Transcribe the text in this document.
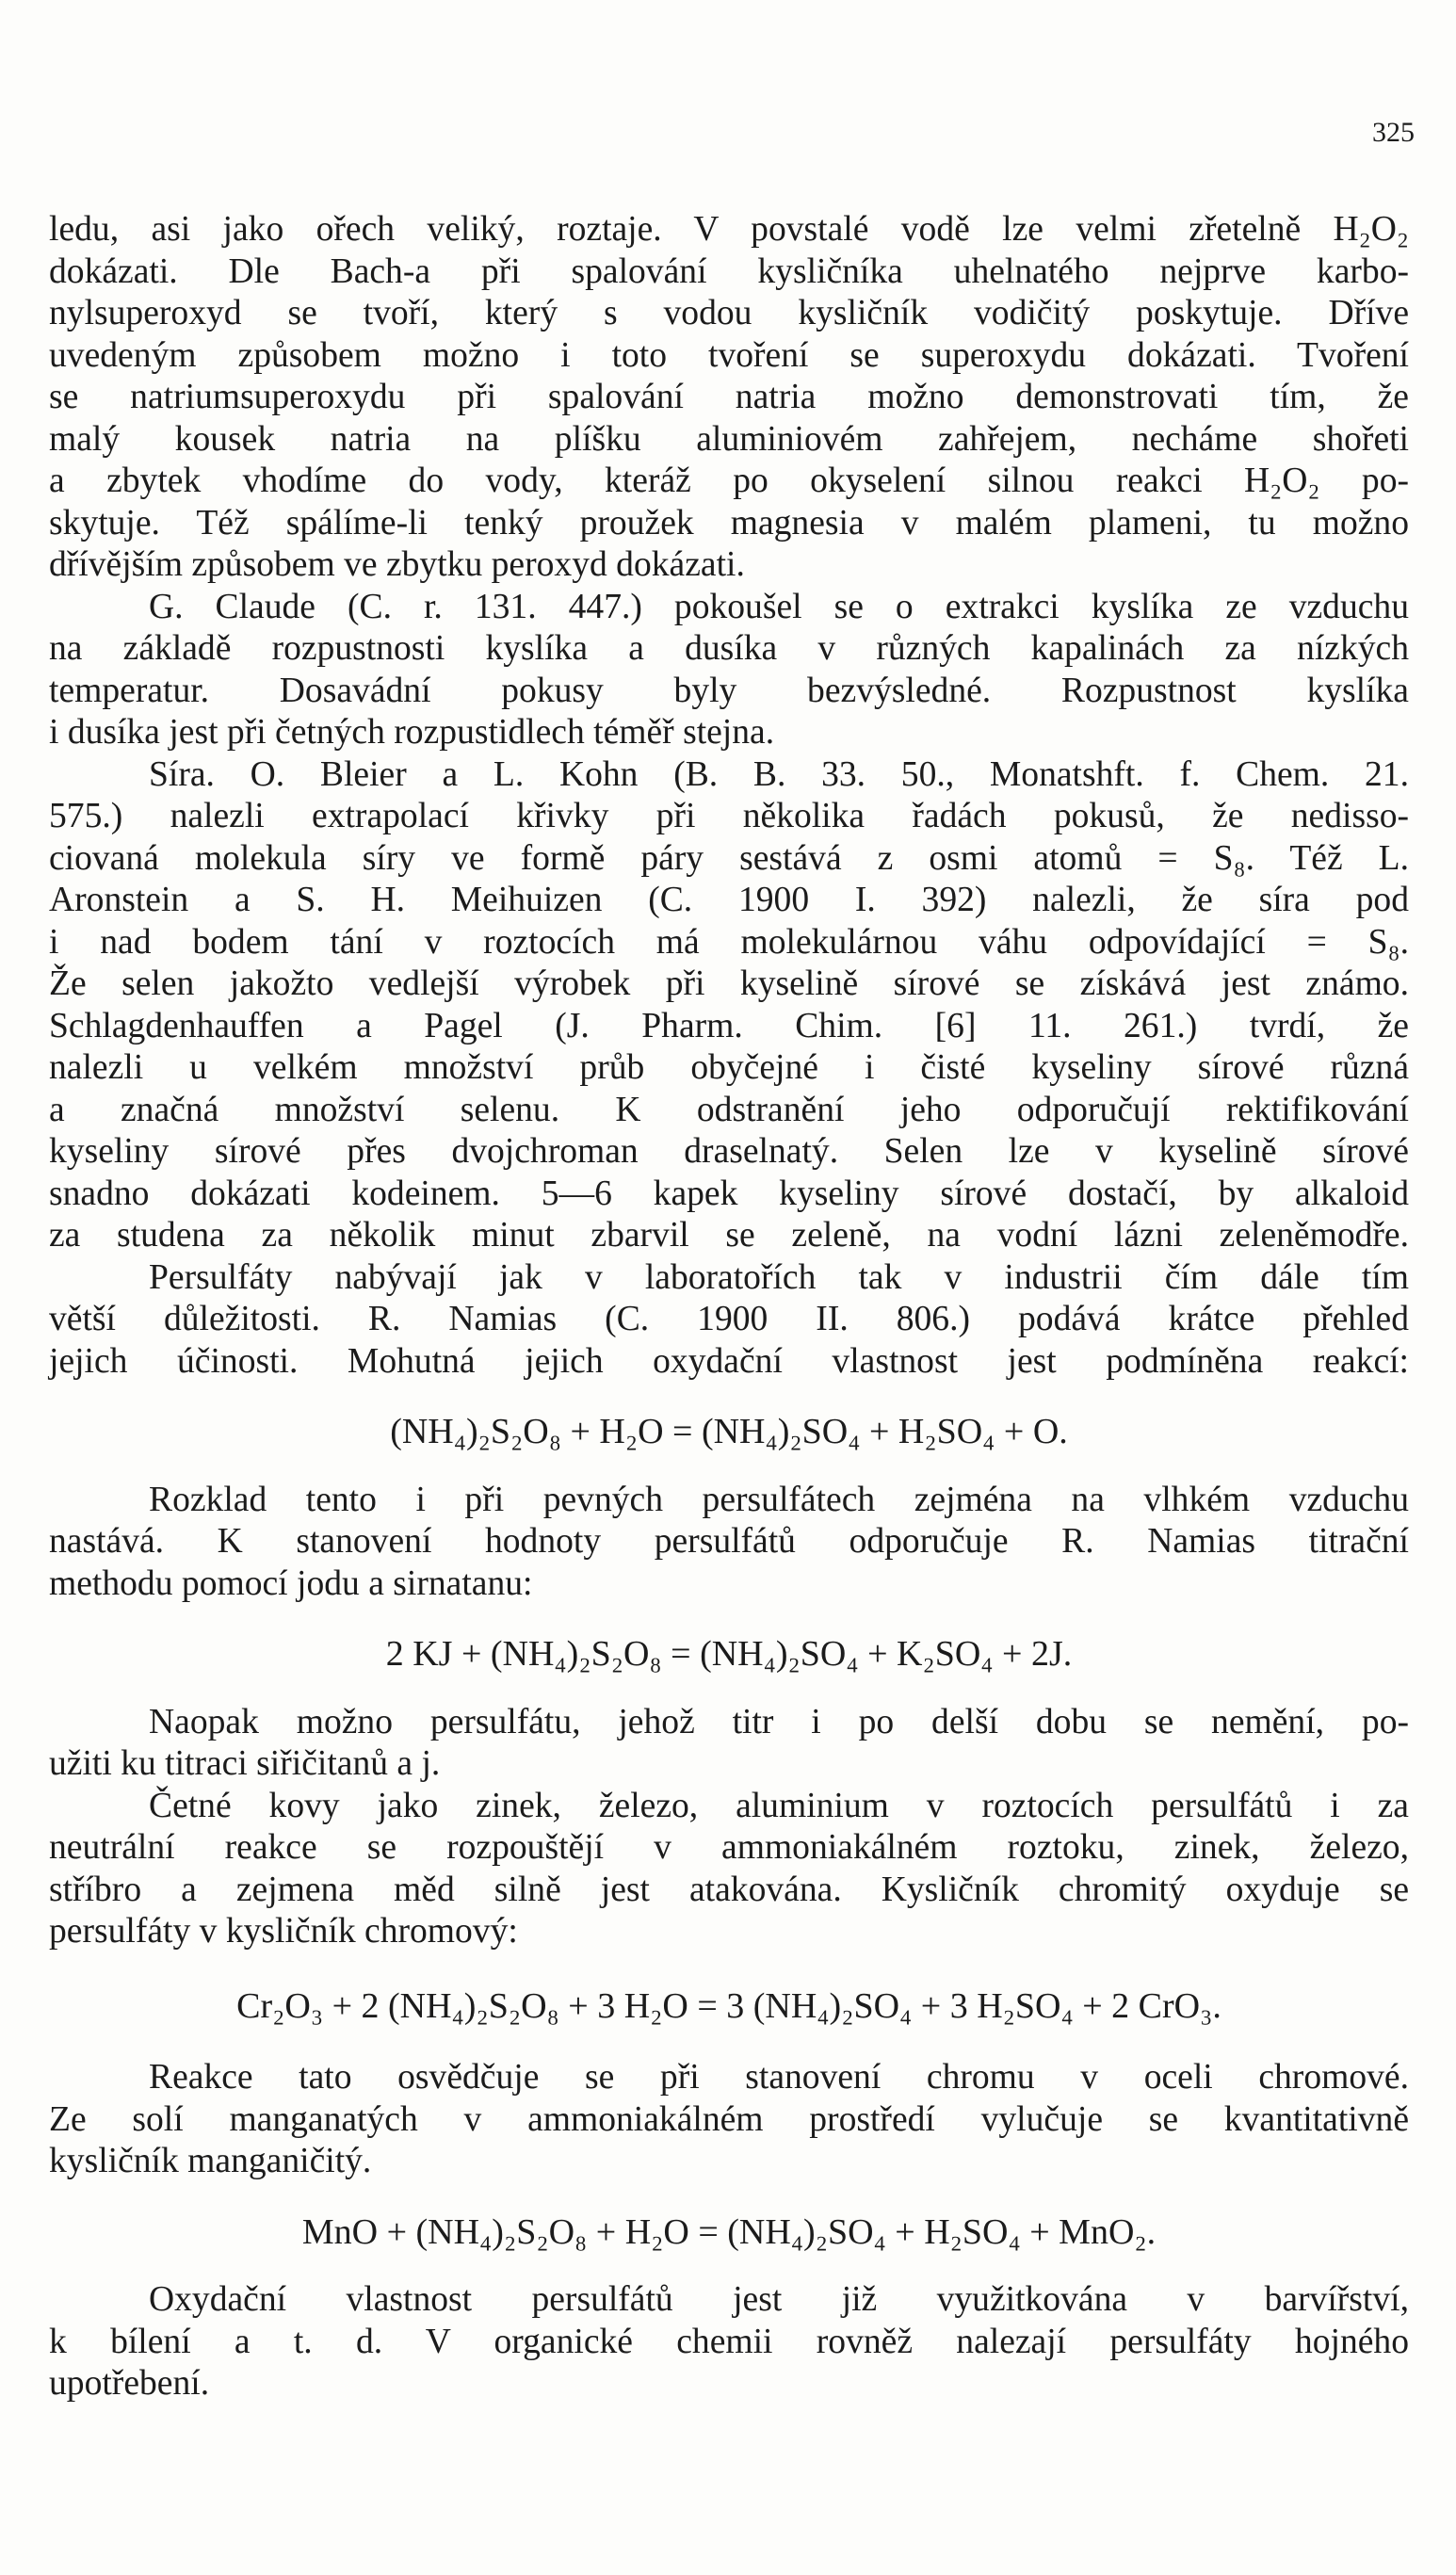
325
ledu, asi jako ořech veliký, roztaje. V povstalé vodě lze velmi zřetelně H₂O₂
dokázati. Dle Bach-a při spalování kysličníka uhelnatého nejprve karbo-
nylsuperoxyd se tvoří, který s vodou kysličník vodičitý poskytuje. Dříve
uvedeným způsobem možno i toto tvoření se superoxydu dokázati. Tvoření
se natriumsuperoxydu při spalování natria možno demonstrovati tím, že
malý kousek natria na plíšku aluminiovém zahřejem, necháme shořeti
a zbytek vhodíme do vody, kteráž po okyselení silnou reakci H₂O₂ po-
skytuje. Též spálíme-li tenký proužek magnesia v malém plameni, tu možno
dřívějším způsobem ve zbytku peroxyd dokázati.
G. Claude (C. r. 131. 447.) pokoušel se o extrakci kyslíka ze vzduchu
na základě rozpustnosti kyslíka a dusíka v různých kapalinách za nízkých
temperatur. Dosavádní pokusy byly bezvýsledné. Rozpustnost kyslíka
i dusíka jest při četných rozpustidlech téměř stejna.
Síra. O. Bleier a L. Kohn (B. B. 33. 50., Monatshft. f. Chem. 21.
575.) nalezli extrapolací křivky při několika řadách pokusů, že nedisso-
ciovaná molekula síry ve formě páry sestává z osmi atomů = S₈. Též L.
Aronstein a S. H. Meihuizen (C. 1900 I. 392) nalezli, že síra pod
i nad bodem tání v roztocích má molekulárnou váhu odpovídající = S₈.
Že selen jakožto vedlejší výrobek při kyselině sírové se získává jest známo.
Schlagdenhauffen a Pagel (J. Pharm. Chim. [6] 11. 261.) tvrdí, že
nalezli u velkém množství průb obyčejné i čisté kyseliny sírové různá
a značná množství selenu. K odstranění jeho odporučují rektifikování
kyseliny sírové přes dvojchroman draselnatý. Selen lze v kyselině sírové
snadno dokázati kodeinem. 5—6 kapek kyseliny sírové dostačí, by alkaloid
za studena za několik minut zbarvil se zeleně, na vodní lázni zeleněmodře.
Persulfáty nabývají jak v laboratořích tak v industrii čím dále tím
větší důležitosti. R. Namias (C. 1900 II. 806.) podává krátce přehled
jejich účinosti. Mohutná jejich oxydační vlastnost jest podmíněna reakcí:
(NH₄)₂S₂O₈ + H₂O = (NH₄)₂SO₄ + H₂SO₄ + O.
Rozklad tento i při pevných persulfátech zejména na vlhkém vzduchu
nastává. K stanovení hodnoty persulfátů odporučuje R. Namias titrační
methodu pomocí jodu a sirnatanu:
2 KJ + (NH₄)₂S₂O₈ = (NH₄)₂SO₄ + K₂SO₄ + 2J.
Naopak možno persulfátu, jehož titr i po delší dobu se nemění, po-
užiti ku titraci siřičitanů a j.
Četné kovy jako zinek, železo, aluminium v roztocích persulfátů i za
neutrální reakce se rozpouštějí v ammoniakálném roztoku, zinek, železo,
stříbro a zejmena měd silně jest atakována. Kysličník chromitý oxyduje se
persulfáty v kysličník chromový:
Cr₂O₃ + 2 (NH₄)₂S₂O₈ + 3 H₂O = 3 (NH₄)₂SO₄ + 3 H₂SO₄ + 2 CrO₃.
Reakce tato osvědčuje se při stanovení chromu v oceli chromové.
Ze solí manganatých v ammoniakálném prostředí vylučuje se kvantitativně
kysličník manganičitý.
MnO + (NH₄)₂S₂O₈ + H₂O = (NH₄)₂SO₄ + H₂SO₄ + MnO₂.
Oxydační vlastnost persulfátů jest již využitkována v barvířství,
k bílení a t. d. V organické chemii rovněž nalezají persulfáty hojného
upotřebení.
